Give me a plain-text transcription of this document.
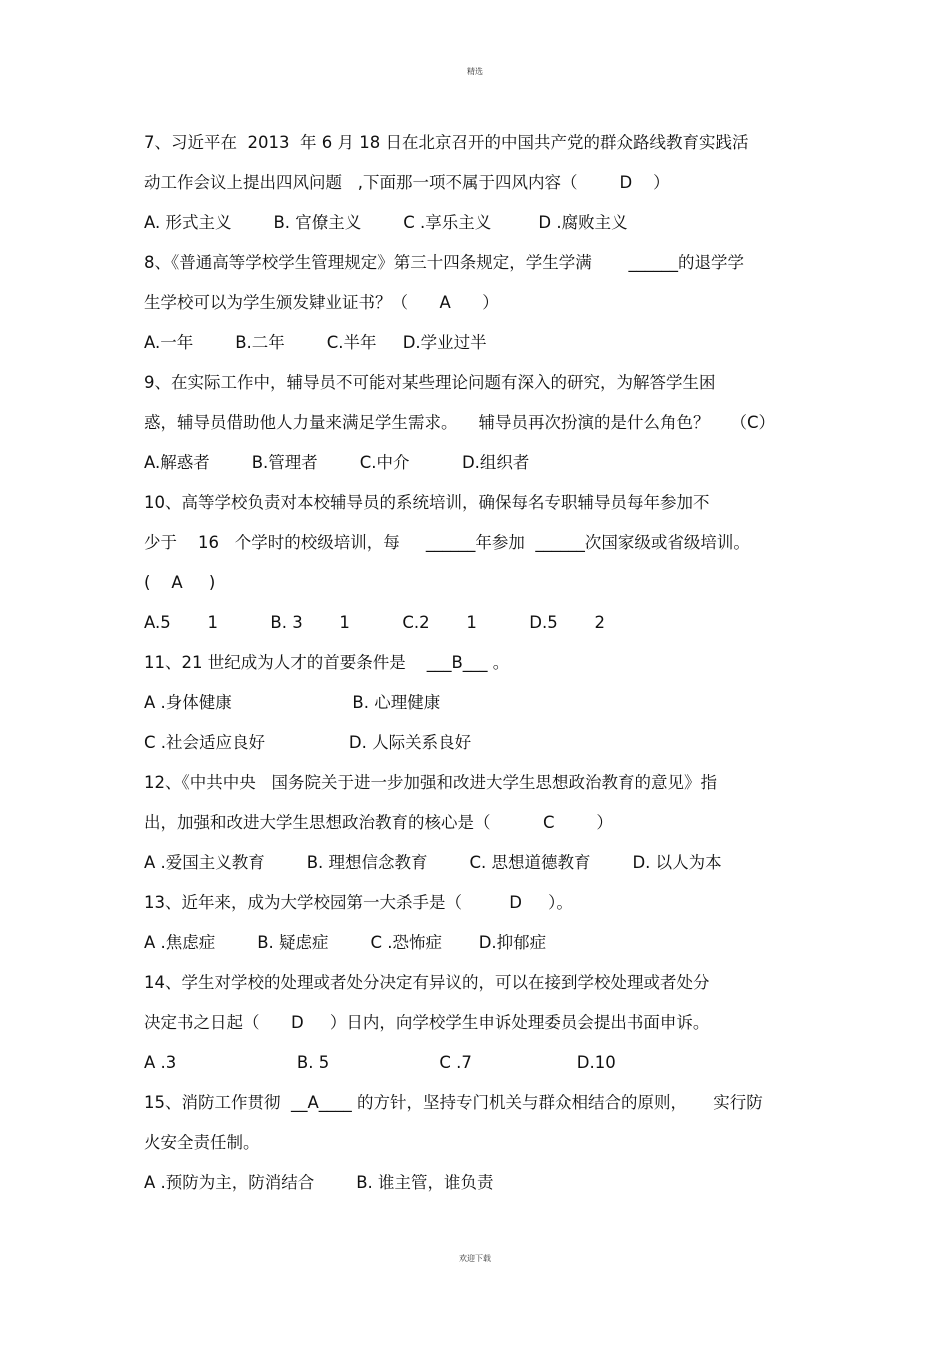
精选
7、习近平在  2013  年 6 月 18 日在北京召开的中国共产党的群众路线教育实践活
动工作会议上提出四风问题   ,下面那一项不属于四风内容（        D    ）
A. 形式主义        B. 官僚主义        C .享乐主义         D .腐败主义
8、《普通高等学校学生管理规定》第三十四条规定，学生学满       ______的退学学
生学校可以为学生颁发肄业证书？（      A      ）
A.一年        B.二年        C.半年     D.学业过半
9、在实际工作中，辅导员不可能对某些理论问题有深入的研究，为解答学生困
惑，辅导员借助他人力量来满足学生需求。    辅导员再次扮演的是什么角色？    （C）
A.解惑者        B.管理者        C.中介          D.组织者
10、高等学校负责对本校辅导员的系统培训，确保每名专职辅导员每年参加不
少于    16   个学时的校级培训，每     ______年参加  ______次国家级或省级培训。
(    A     )
A.5       1          B. 3       1          C.2       1          D.5       2
11、21 世纪成为人才的首要条件是    ___B___ 。
A .身体健康                       B. 心理健康
C .社会适应良好                D. 人际关系良好
12、《中共中央   国务院关于进一步加强和改进大学生思想政治教育的意见》指
出，加强和改进大学生思想政治教育的核心是（          C        ）
A .爱国主义教育        B. 理想信念教育        C. 思想道德教育        D. 以人为本
13、近年来，成为大学校园第一大杀手是（         D     ）。
A .焦虑症        B. 疑虑症        C .恐怖症       D.抑郁症
14、学生对学校的处理或者处分决定有异议的，可以在接到学校处理或者处分
决定书之日起（      D     ）日内，向学校学生申诉处理委员会提出书面申诉。
A .3                       B. 5                     C .7                    D.10
15、消防工作贯彻  __A____ 的方针，坚持专门机关与群众相结合的原则，     实行防
火安全责任制。
A .预防为主，防消结合        B. 谁主管，谁负责
欢迎下载
